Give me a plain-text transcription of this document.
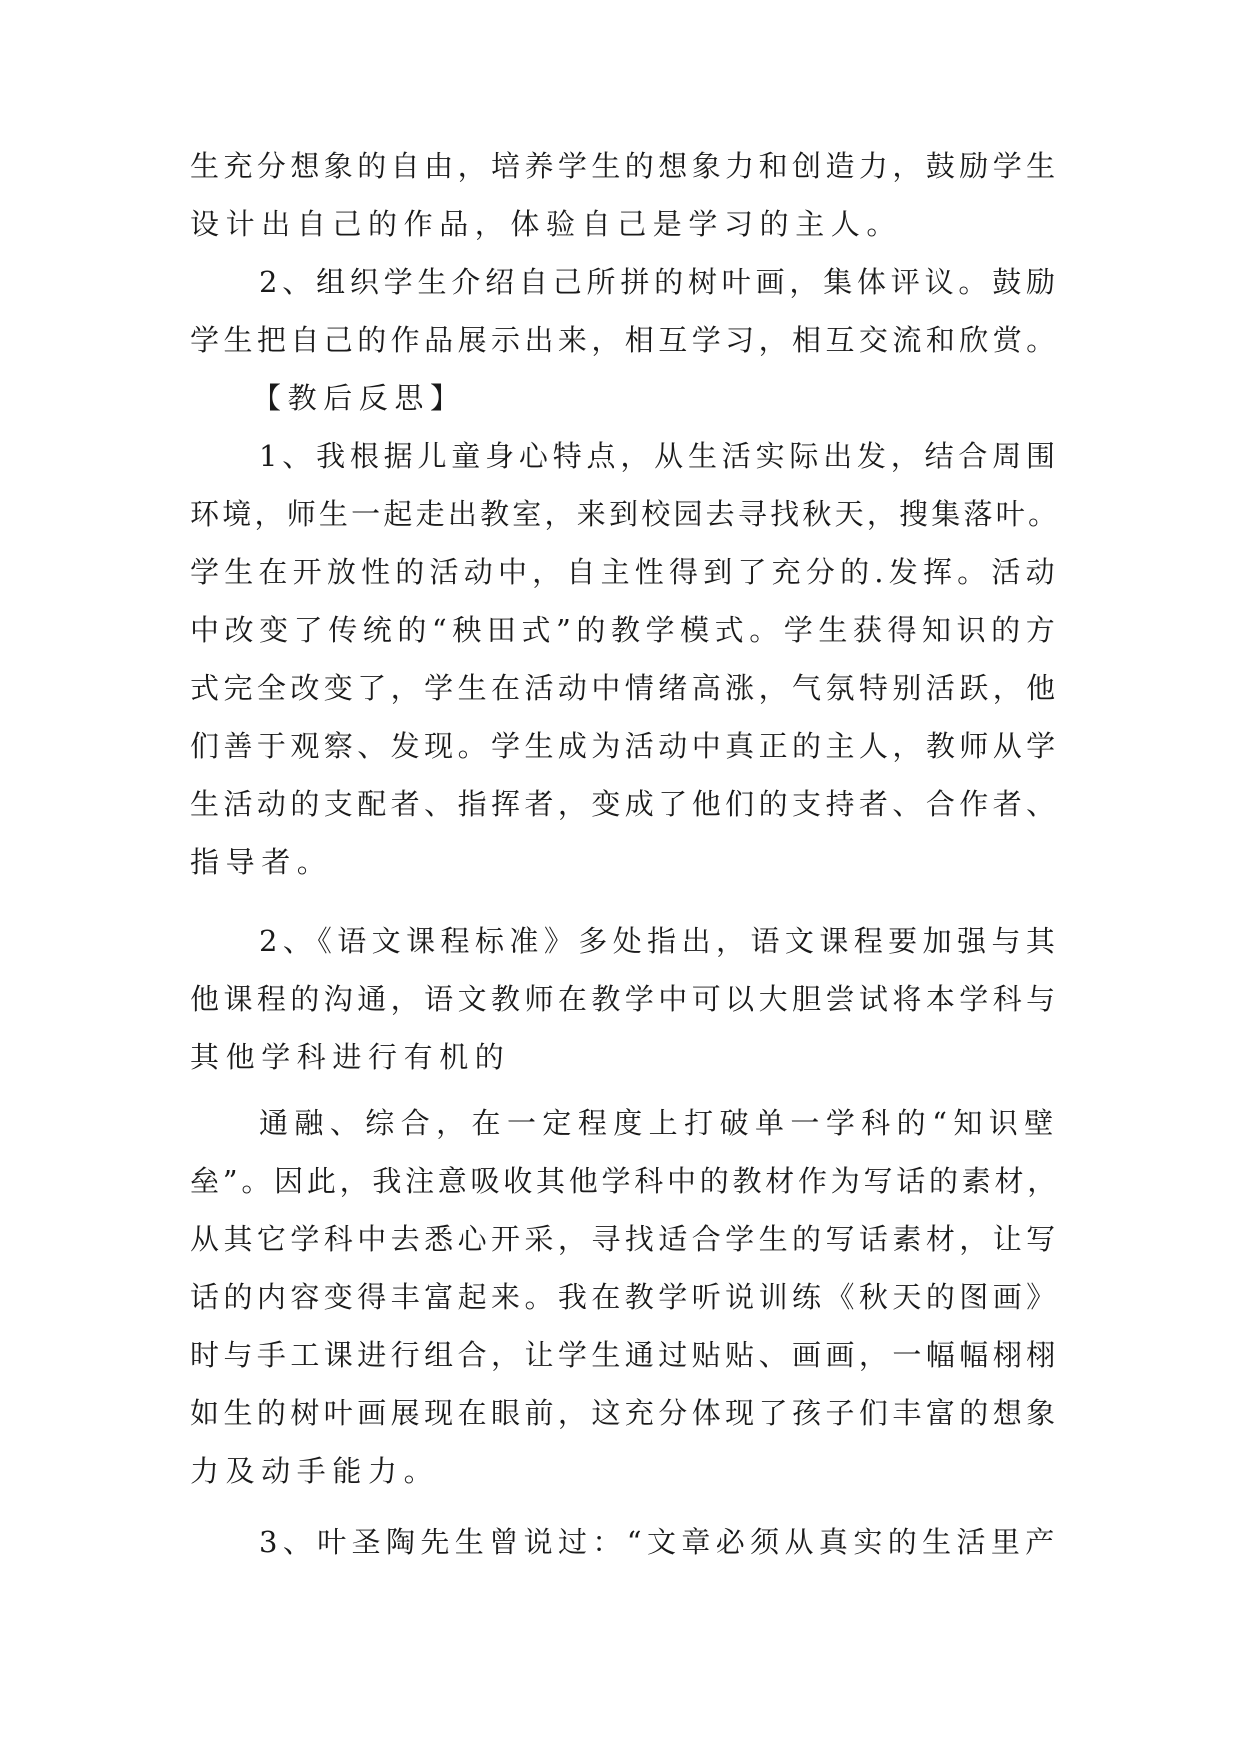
生充分想象的自由，培养学生的想象力和创造力，鼓励学生
设计出自己的作品，体验自己是学习的主人。
2、组织学生介绍自己所拼的树叶画，集体评议。鼓励
学生把自己的作品展示出来，相互学习，相互交流和欣赏。
【教后反思】
1、我根据儿童身心特点，从生活实际出发，结合周围
环境，师生一起走出教室，来到校园去寻找秋天，搜集落叶。
学生在开放性的活动中，自主性得到了充分的.发挥。活动
中改变了传统的“秧田式”的教学模式。学生获得知识的方
式完全改变了，学生在活动中情绪高涨，气氛特别活跃，他
们善于观察、发现。学生成为活动中真正的主人，教师从学
生活动的支配者、指挥者，变成了他们的支持者、合作者、
指导者。
2、《语文课程标准》多处指出，语文课程要加强与其
他课程的沟通，语文教师在教学中可以大胆尝试将本学科与
其他学科进行有机的
通融、综合，在一定程度上打破单一学科的“知识壁
垒”。因此，我注意吸收其他学科中的教材作为写话的素材，
从其它学科中去悉心开采，寻找适合学生的写话素材，让写
话的内容变得丰富起来。我在教学听说训练《秋天的图画》
时与手工课进行组合，让学生通过贴贴、画画，一幅幅栩栩
如生的树叶画展现在眼前，这充分体现了孩子们丰富的想象
力及动手能力。
3、叶圣陶先生曾说过：“文章必须从真实的生活里产
